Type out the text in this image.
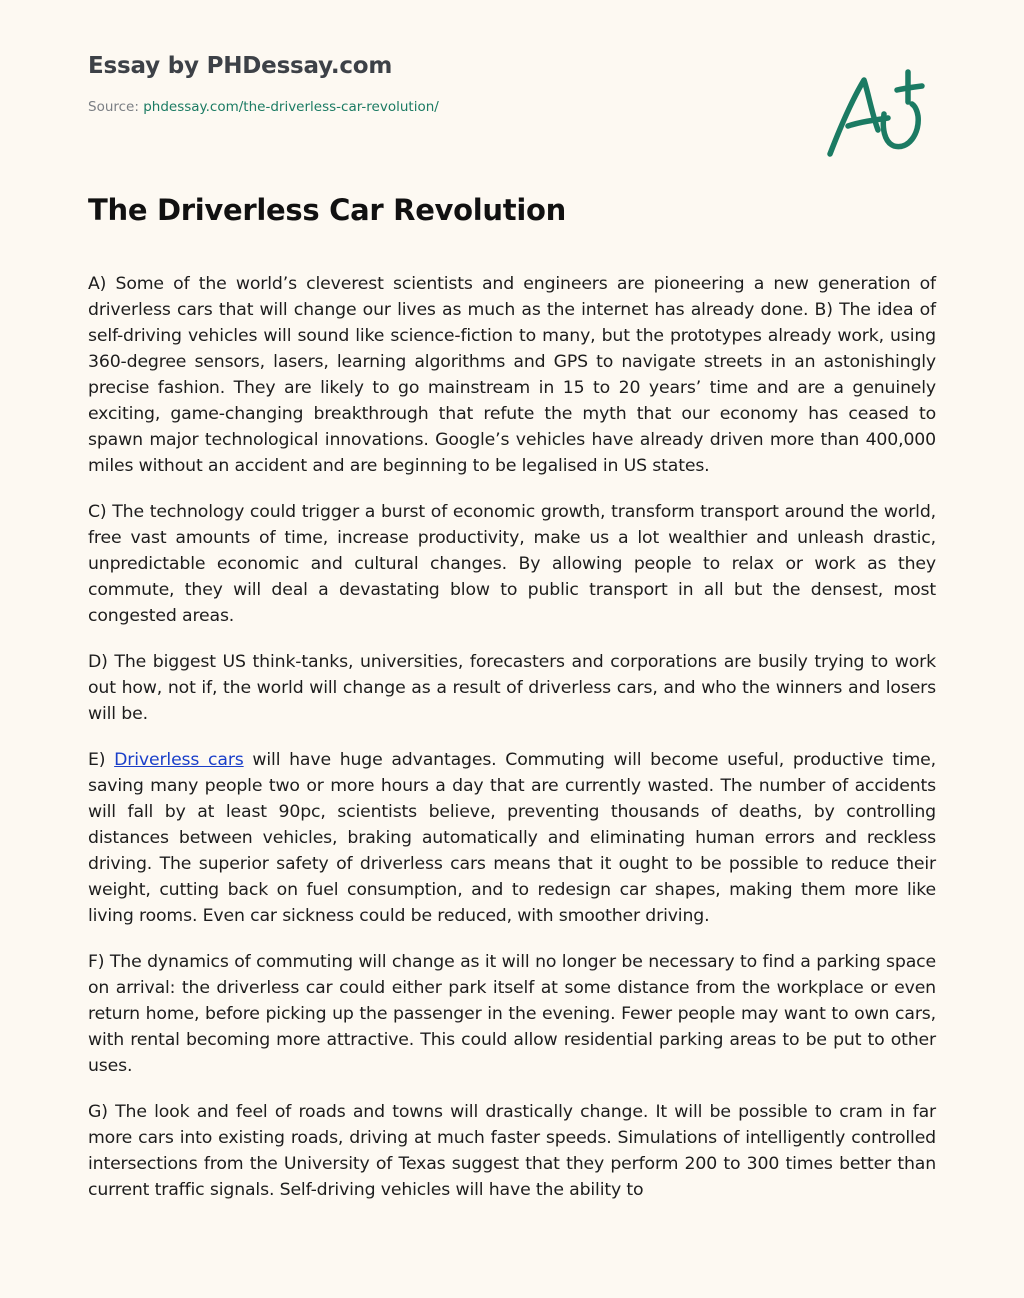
Essay by PHDessay.com
Source: phdessay.com/the-driverless-car-revolution/
The Driverless Car Revolution

A) Some of the world’s cleverest scientists and engineers are pioneering a new generation of driverless cars that will change our lives as much as the internet has already done. B) The idea of self-driving vehicles will sound like science-fiction to many, but the prototypes already work, using 360-degree sensors, lasers, learning algorithms and GPS to navigate streets in an astonishingly precise fashion. They are likely to go mainstream in 15 to 20 years’ time and are a genuinely exciting, game-changing breakthrough that refute the myth that our economy has ceased to spawn major technological innovations. Google’s vehicles have already driven more than 400,000 miles without an accident and are beginning to be legalised in US states.

C) The technology could trigger a burst of economic growth, transform transport around the world, free vast amounts of time, increase productivity, make us a lot wealthier and unleash drastic, unpredictable economic and cultural changes. By allowing people to relax or work as they commute, they will deal a devastating blow to public transport in all but the densest, most congested areas.

D) The biggest US think-tanks, universities, forecasters and corporations are busily trying to work out how, not if, the world will change as a result of driverless cars, and who the winners and losers will be.

E) Driverless cars will have huge advantages. Commuting will become useful, productive time, saving many people two or more hours a day that are currently wasted. The number of accidents will fall by at least 90pc, scientists believe, preventing thousands of deaths, by controlling distances between vehicles, braking automatically and eliminating human errors and reckless driving. The superior safety of driverless cars means that it ought to be possible to reduce their weight, cutting back on fuel consumption, and to redesign car shapes, making them more like living rooms. Even car sickness could be reduced, with smoother driving.

F) The dynamics of commuting will change as it will no longer be necessary to find a parking space on arrival: the driverless car could either park itself at some distance from the workplace or even return home, before picking up the passenger in the evening. Fewer people may want to own cars, with rental becoming more attractive. This could allow residential parking areas to be put to other uses.

G) The look and feel of roads and towns will drastically change. It will be possible to cram in far more cars into existing roads, driving at much faster speeds. Simulations of intelligently controlled intersections from the University of Texas suggest that they perform 200 to 300 times better than current traffic signals. Self-driving vehicles will have the ability to
